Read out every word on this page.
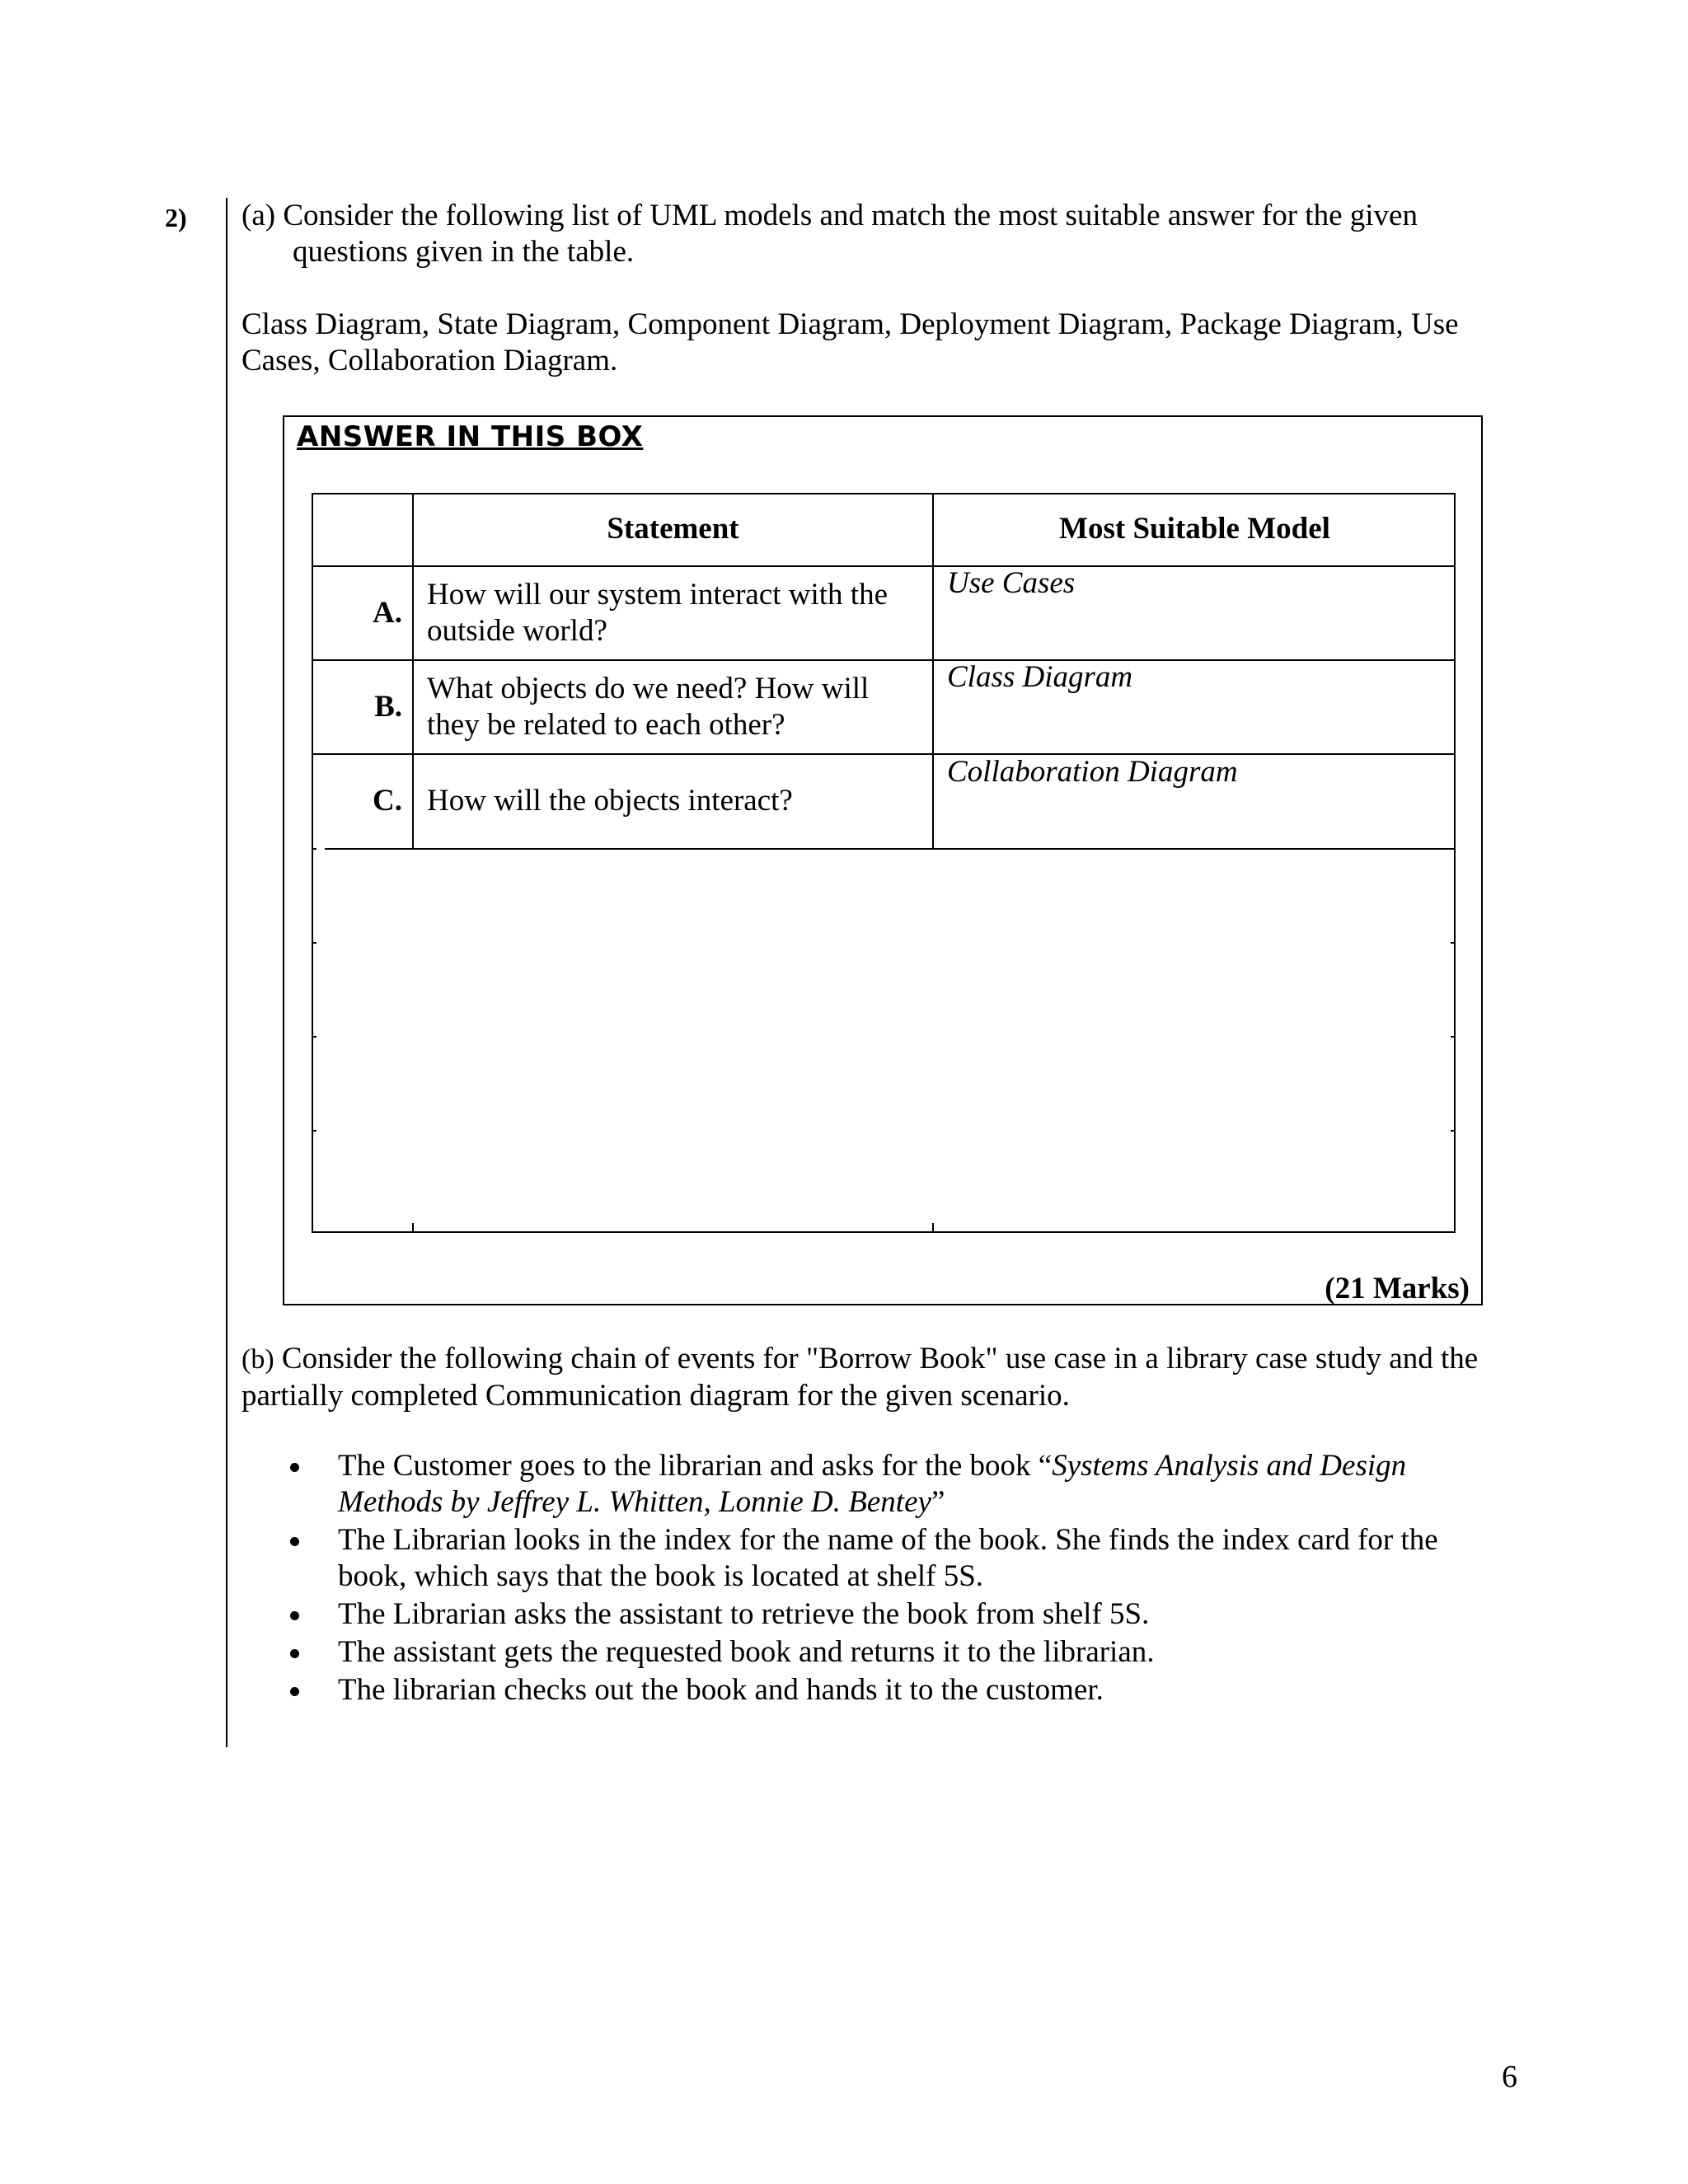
2) (a) Consider the following list of UML models and match the most suitable answer for the given
questions given in the table.
Class Diagram, State Diagram, Component Diagram, Deployment Diagram, Package Diagram, Use Cases, Collaboration Diagram.
ANSWER IN THIS BOX
Statement	Most Suitable Model
A.
How will our system interact with the outside world?
Use Cases
B.
What objects do we need? How will they be related to each other?
Class Diagram
C. How will the objects interact?
Collaboration Diagram
(21 Marks)
(b) Consider the following chain of events for "Borrow Book" use case in a library case study and the partially completed Communication diagram for the given scenario.
The Customer goes to the librarian and asks for the book “Systems Analysis and Design Methods by Jeffrey L. Whitten, Lonnie D. Bentey”
The Librarian looks in the index for the name of the book. She finds the index card for the book, which says that the book is located at shelf 5S.
The Librarian asks the assistant to retrieve the book from shelf 5S.
The assistant gets the requested book and returns it to the librarian.
The librarian checks out the book and hands it to the customer.
6
